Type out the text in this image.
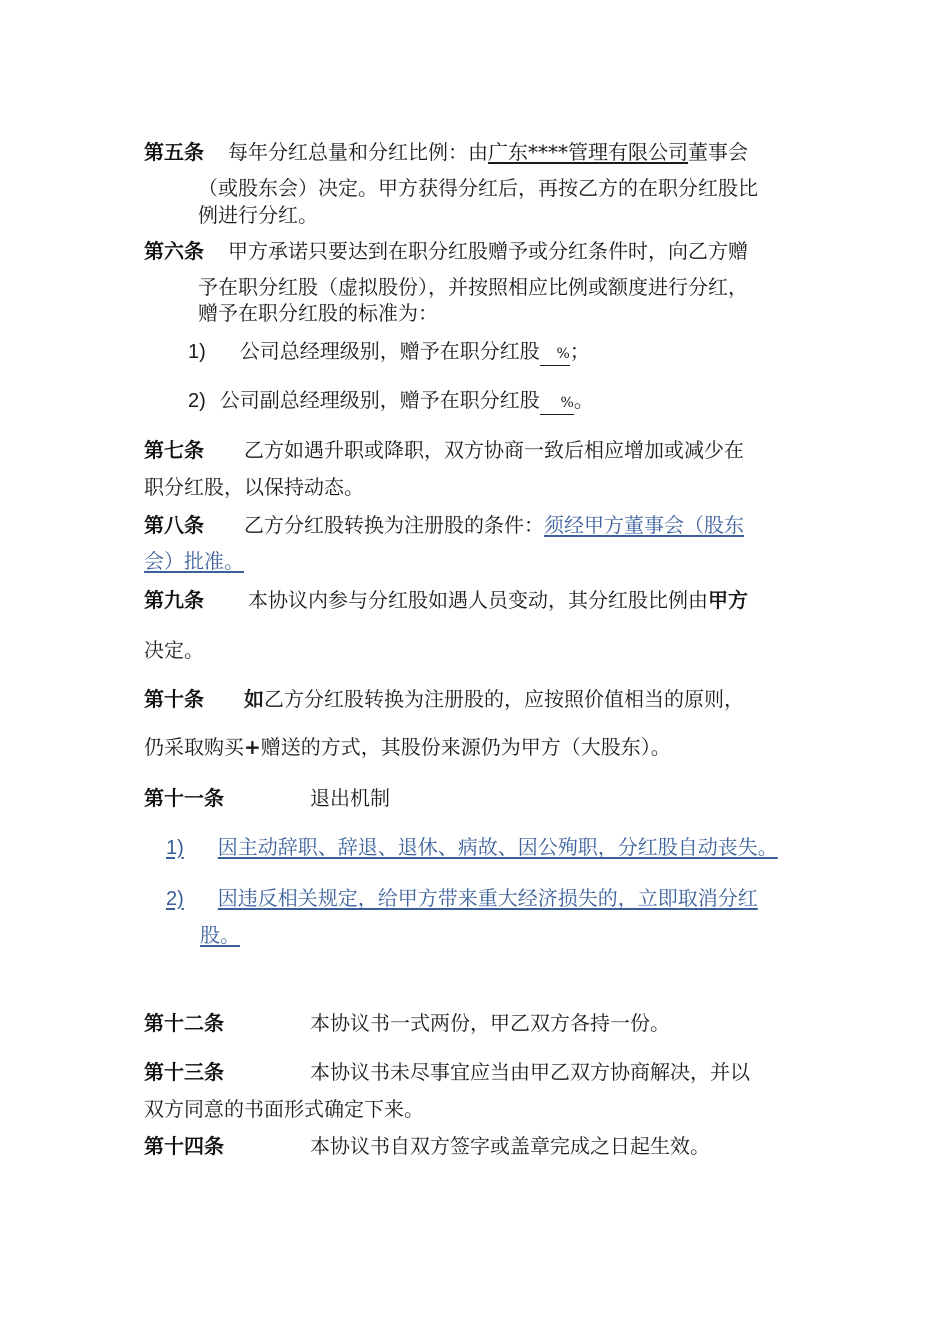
第五条 每年分红总量和分红比例：由广东****管理有限公司董事会
（或股东会）决定。甲方获得分红后，再按乙方的在职分红股比
例进行分红。
第六条 甲方承诺只要达到在职分红股赠予或分红条件时，向乙方赠
予在职分红股（虚拟股份），并按照相应比例或额度进行分红，
赠予在职分红股的标准为：
1) 公司总经理级别，赠予在职分红股 %；
2) 公司副总经理级别，赠予在职分红股 %。
第七条 乙方如遇升职或降职，双方协商一致后相应增加或减少在
职分红股，以保持动态。
第八条 乙方分红股转换为注册股的条件：须经甲方董事会（股东
会）批准。
第九条 本协议内参与分红股如遇人员变动，其分红股比例由甲方
决定。
第十条 如乙方分红股转换为注册股的，应按照价值相当的原则，
仍采取购买+赠送的方式，其股份来源仍为甲方（大股东）。
第十一条	退出机制
1) 因主动辞职、辞退、退休、病故、因公殉职，分红股自动丧失。
2) 因违反相关规定，给甲方带来重大经济损失的，立即取消分红
股。
第十二条	本协议书一式两份，甲乙双方各持一份。
第十三条	本协议书未尽事宜应当由甲乙双方协商解决，并以
双方同意的书面形式确定下来。
第十四条	本协议书自双方签字或盖章完成之日起生效。
